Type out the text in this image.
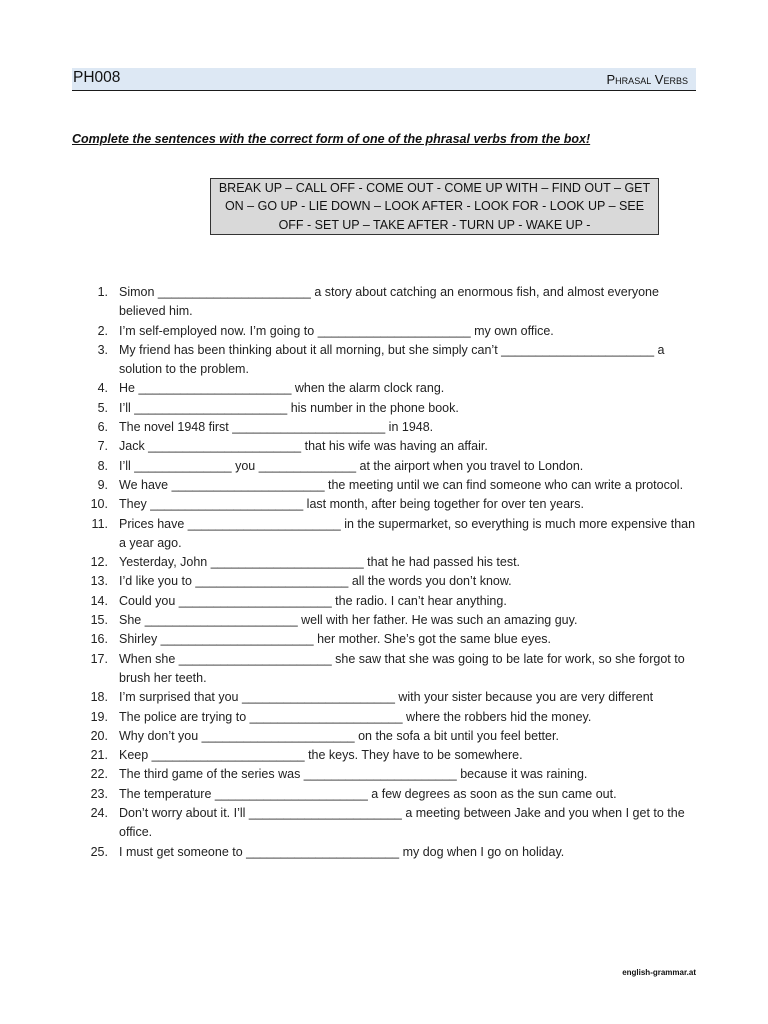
PH008	Phrasal Verbs
Complete the sentences with the correct form of one of the phrasal verbs from the box!
BREAK UP – CALL OFF - COME OUT - COME UP WITH – FIND OUT – GET ON – GO UP - LIE DOWN – LOOK AFTER - LOOK FOR - LOOK UP – SEE OFF - SET UP – TAKE AFTER - TURN UP - WAKE UP -
1. Simon ______________________ a story about catching an enormous fish, and almost everyone believed him.
2. I’m self-employed now. I’m going to ______________________ my own office.
3. My friend has been thinking about it all morning, but she simply can’t ______________________ a solution to the problem.
4. He ______________________ when the alarm clock rang.
5. I’ll ______________________ his number in the phone book.
6. The novel 1948 first ______________________ in 1948.
7. Jack ______________________ that his wife was having an affair.
8. I’ll ______________ you ______________ at the airport when you travel to London.
9. We have ______________________ the meeting until we can find someone who can write a protocol.
10. They ______________________ last month, after being together for over ten years.
11. Prices have ______________________ in the supermarket, so everything is much more expensive than a year ago.
12. Yesterday, John ______________________ that he had passed his test.
13. I’d like you to ______________________ all the words you don’t know.
14. Could you ______________________ the radio. I can’t hear anything.
15. She ______________________ well with her father. He was such an amazing guy.
16. Shirley ______________________ her mother. She’s got the same blue eyes.
17. When she ______________________ she saw that she was going to be late for work, so she forgot to brush her teeth.
18. I’m surprised that you ______________________ with your sister because you are very different
19. The police are trying to ______________________ where the robbers hid the money.
20. Why don’t you ______________________ on the sofa a bit until you feel better.
21. Keep ______________________ the keys. They have to be somewhere.
22. The third game of the series was ______________________ because it was raining.
23. The temperature ______________________ a few degrees as soon as the sun came out.
24. Don’t worry about it. I’ll ______________________ a meeting between Jake and you when I get to the office.
25. I must get someone to ______________________ my dog when I go on holiday.
english-grammar.at
